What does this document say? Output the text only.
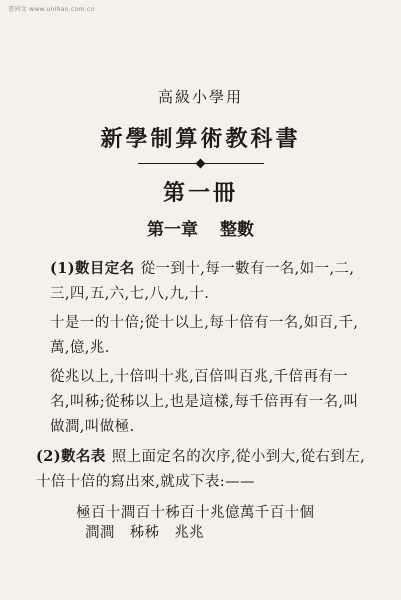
書同文 www.unihan.com.cn
高級小學用
新學制算術教科書
第一冊
第一章 整數

(1)數目定名 從一到十,每一數有一名,如一,二,三,四,五,六,七,八,九,十.

十是一的十倍;從十以上,每十倍有一名,如百,千,萬,億,兆.

從兆以上,十倍叫十兆,百倍叫百兆,千倍再有一名,叫秭;從秭以上,也是這樣,每千倍再有一名,叫做澗,叫做極.

(2)數名表 照上面定名的次序,從小到大,從右到左,十倍十倍的寫出來,就成下表:——

極百十澗百十秭百十兆億萬千百十個
澗澗　秭秭　兆兆
